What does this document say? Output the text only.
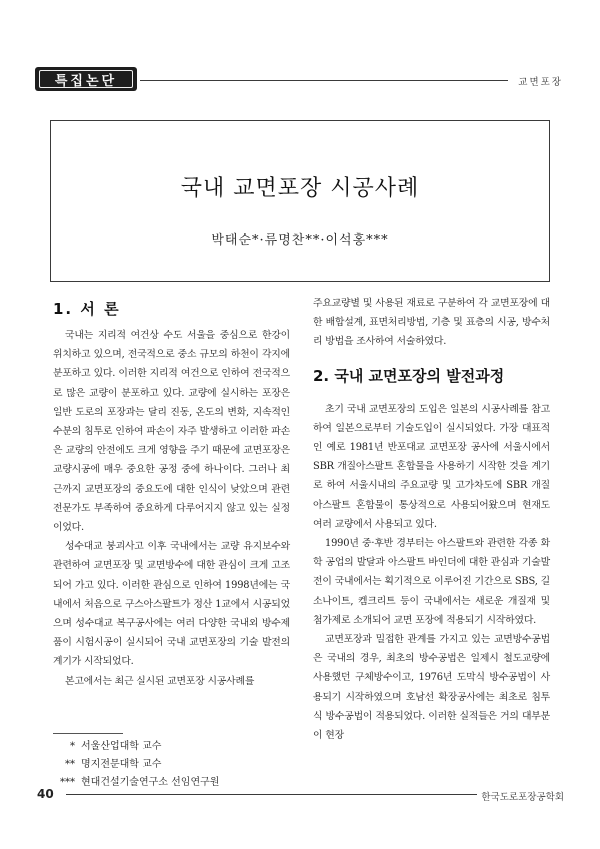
특집논단	교면포장
국내 교면포장 시공사례
박태순*·류명찬**·이석홍***
1. 서 론

국내는 지리적 여건상 수도 서울을 중심으로 한강이 위치하고 있으며, 전국적으로 중소 규모의 하천이 각지에 분포하고 있다. 이러한 지리적 여건으로 인하여 전국적으로 많은 교량이 분포하고 있다. 교량에 실시하는 포장은 일반 도로의 포장과는 달리 진동, 온도의 변화, 지속적인 수분의 침투로 인하여 파손이 자주 발생하고 이러한 파손은 교량의 안전에도 크게 영향을 주기 때문에 교면포장은 교량시공에 매우 중요한 공정 중에 하나이다. 그러나 최근까지 교면포장의 중요도에 대한 인식이 낮았으며 관련 전문가도 부족하여 중요하게 다루어지지 않고 있는 실정이었다.

성수대교 붕괴사고 이후 국내에서는 교량 유지보수와 관련하여 교면포장 및 교면방수에 대한 관심이 크게 고조되어 가고 있다. 이러한 관심으로 인하여 1998년에는 국내에서 처음으로 구스아스팔트가 정산 1교에서 시공되었으며 성수대교 복구공사에는 여러 다양한 국내외 방수제품이 시험시공이 실시되어 국내 교면포장의 기술 발전의 계기가 시작되었다.

본고에서는 최근 실시된 교면포장 시공사례를

주요교량별 및 사용된 재료로 구분하여 각 교면포장에 대한 배합설계, 표면처리방법, 기층 및 표층의 시공, 방수처리 방법을 조사하여 서술하였다.

2. 국내 교면포장의 발전과정

초기 국내 교면포장의 도입은 일본의 시공사례를 참고하여 일본으로부터 기술도입이 실시되었다. 가장 대표적인 예로 1981년 반포대교 교면포장 공사에 서울시에서 SBR 개질아스팔트 혼합물을 사용하기 시작한 것을 계기로 하여 서울시내의 주요교량 및 고가차도에 SBR 개질아스팔트 혼합물이 통상적으로 사용되어왔으며 현재도 여러 교량에서 사용되고 있다.

1990년 중·후반 경부터는 아스팔트와 관련한 각종 화학 공업의 발달과 아스팔트 바인더에 대한 관심과 기술발전이 국내에서는 획기적으로 이루어진 기간으로 SBS, 길소나이트, 켐크리트 등이 국내에서는 새로운 개질재 및 첨가제로 소개되어 교면 포장에 적용되기 시작하였다.

교면포장과 밀접한 관계를 가지고 있는 교면방수공법은 국내의 경우, 최초의 방수공법은 일제시 철도교량에 사용했던 구체방수이고, 1976년 도막식 방수공법이 사용되기 시작하였으며 호남선 확장공사에는 최초로 침투식 방수공법이 적용되었다. 이러한 실적들은 거의 대부분이 현장

* 서울산업대학 교수
** 명지전문대학 교수
*** 현대건설기술연구소 선임연구원
40	한국도로포장공학회
